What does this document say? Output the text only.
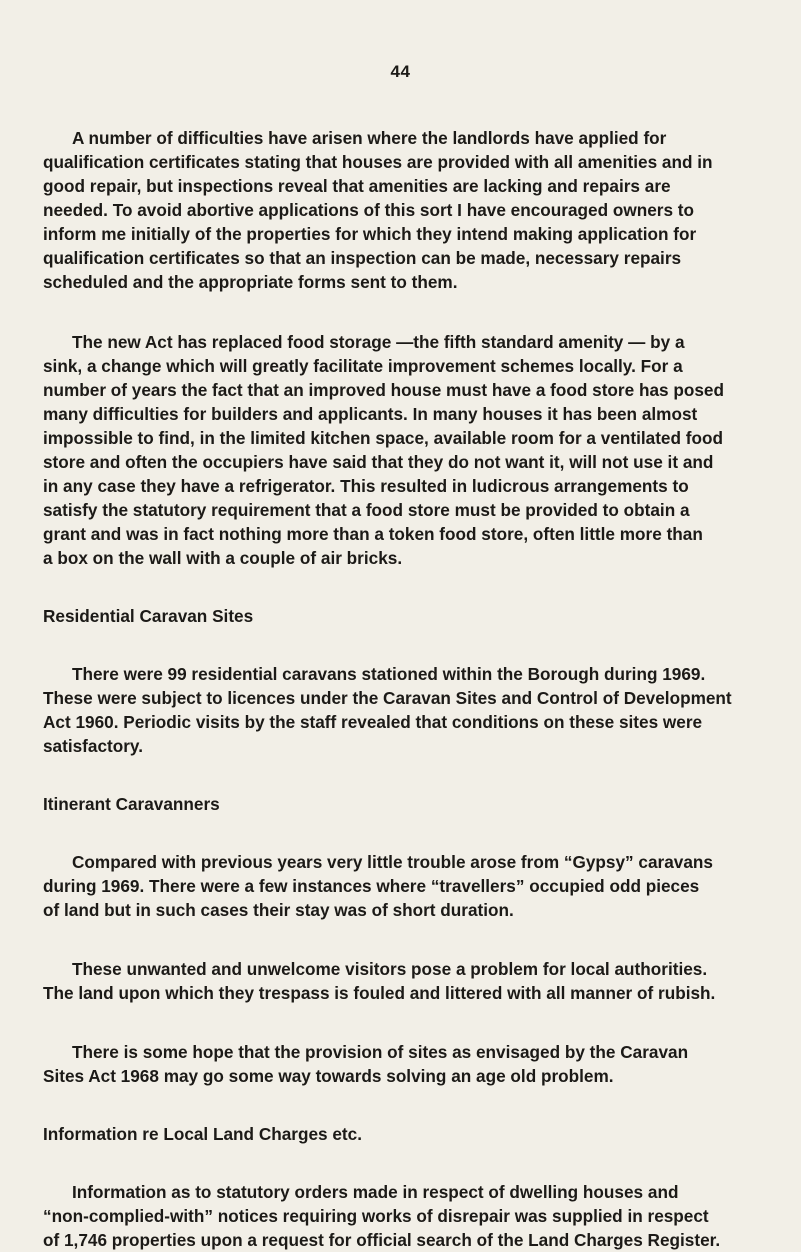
44

A number of difficulties have arisen where the landlords have applied for

qualification certificates stating that houses are provided with all amenities and in
good repair, but inspections reveal that amenities are lacking and repairs are
needed. To avoid abortive applications of this sort I have encouraged owners to
inform me initially of the properties for which they intend making application for
qualification certificates so that an inspection can be made, necessary repairs
scheduled and the appropriate forms sent to them.

The new Act has replaced food storage —the fifth standard amenity — by a

sink, a change which will greatly facilitate improvement schemes locally. For a
number of years the fact that an improved house must have a food store has posed
many difficulties for builders and applicants. In many houses it has been almost
impossible to find, in the limited kitchen space, available room for a ventilated food
store and often the occupiers have said that they do not want it, will not use it and
in any case they have a refrigerator. This resulted in ludicrous arrangements to
satisfy the statutory requirement that a food store must be provided to obtain a
grant and was in fact nothing more than a token food store, often little more than
a box on the wall with a couple of air bricks.

Residential Caravan Sites

There were 99 residential caravans stationed within the Borough during 1969.

These were subject to licences under the Caravan Sites and Control of Development
Act 1960. Periodic visits by the staff revealed that conditions on these sites were
satisfactory.

Itinerant Caravanners

Compared with previous years very little trouble arose from “Gypsy” caravans

during 1969. There were a few instances where “travellers” occupied odd pieces
of land but in such cases their stay was of short duration.

These unwanted and unwelcome visitors pose a problem for local authorities.

The land upon which they trespass is fouled and littered with all manner of rubish.

There is some hope that the provision of sites as envisaged by the Caravan

Sites Act 1968 may go some way towards solving an age old problem.

Information re Local Land Charges etc.

Information as to statutory orders made in respect of dwelling houses and

“non-complied-with” notices requiring works of disrepair was supplied in respect
of 1,746 properties upon a request for official search of the Land Charges Register.
